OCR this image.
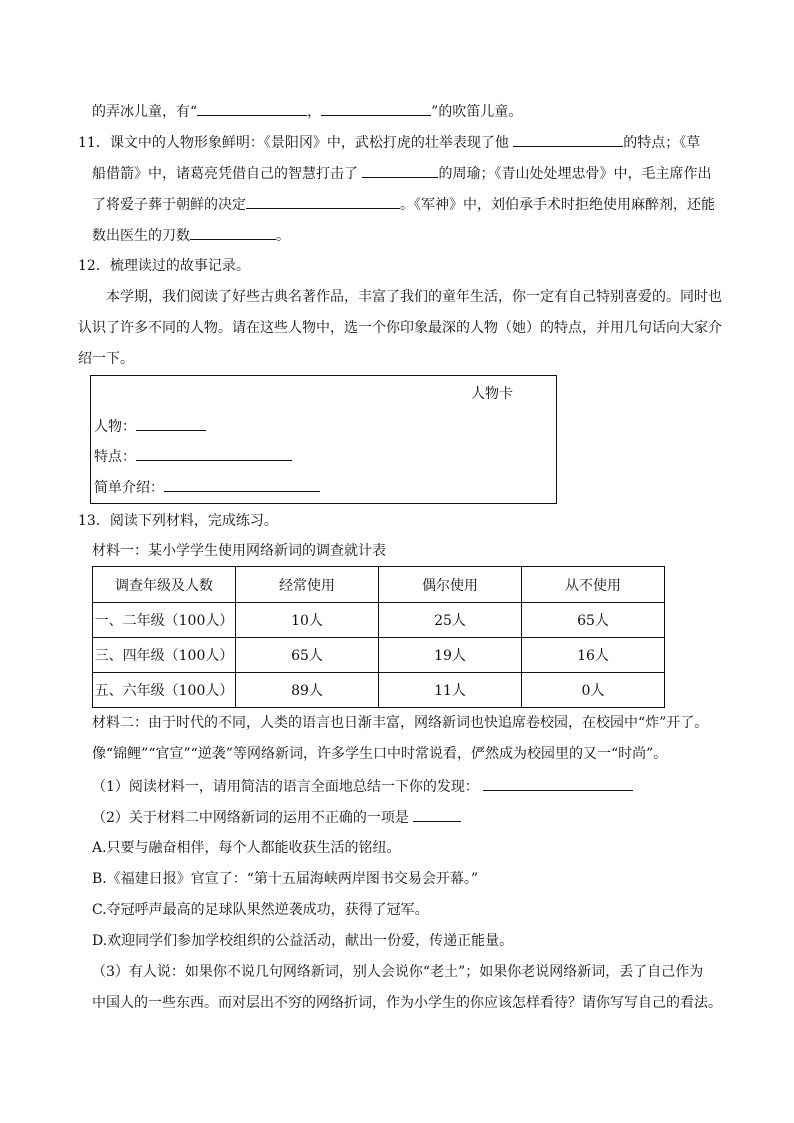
的弄冰儿童，有“	，	”的吹笛儿童。
11．课文中的人物形象鲜明：《景阳冈》中，武松打虎的壮举表现了他	的特点；《草
船借箭》中，诸葛亮凭借自己的智慧打击了	的周瑜；《青山处处埋忠骨》中，毛主席作出
了将爱子葬于朝鲜的决定	。《军神》中，刘伯承手术时拒绝使用麻醉剂，还能
数出医生的刀数	。
12．梳理读过的故事记录。
本学期，我们阅读了好些古典名著作品，丰富了我们的童年生活，你一定有自己特别喜爱的。同时也
认识了许多不同的人物。请在这些人物中，选一个你印象最深的人物（她）的特点，并用几句话向大家介
绍一下。
人物卡
人物：
特点：
简单介绍：
13．阅读下列材料，完成练习。
材料一：某小学学生使用网络新词的调查就计表
调查年级及人数	经常使用	偶尔使用	从不使用
一、二年级（100人）	10人	25人	65人
三、四年级（100人）	65人	19人	16人
五、六年级（100人）	89人	11人	0人
材料二：由于时代的不同，人类的语言也日渐丰富，网络新词也快追席卷校园，在校园中“炸”开了。
像“锦鲤”“官宣”“逆袭”等网络新词，许多学生口中时常说看，俨然成为校园里的又一“时尚”。
（1）阅读材料一，请用简洁的语言全面地总结一下你的发现：
（2）关于材料二中网络新词的运用不正确的一项是
A.只要与融奋相伴，每个人都能收获生活的铭纽。
B.《福建日报》官宣了：“第十五届海峡两岸图书交易会开幕。”
C.夺冠呼声最高的足球队果然逆袭成功，获得了冠军。
D.欢迎同学们参加学校组织的公益活动，献出一份爱，传递正能量。
（3）有人说：如果你不说几句网络新词，别人会说你“老土”；如果你老说网络新词，丢了自己作为
中国人的一些东西。而对层出不穷的网络折词，作为小学生的你应该怎样看待？请你写写自己的看法。
